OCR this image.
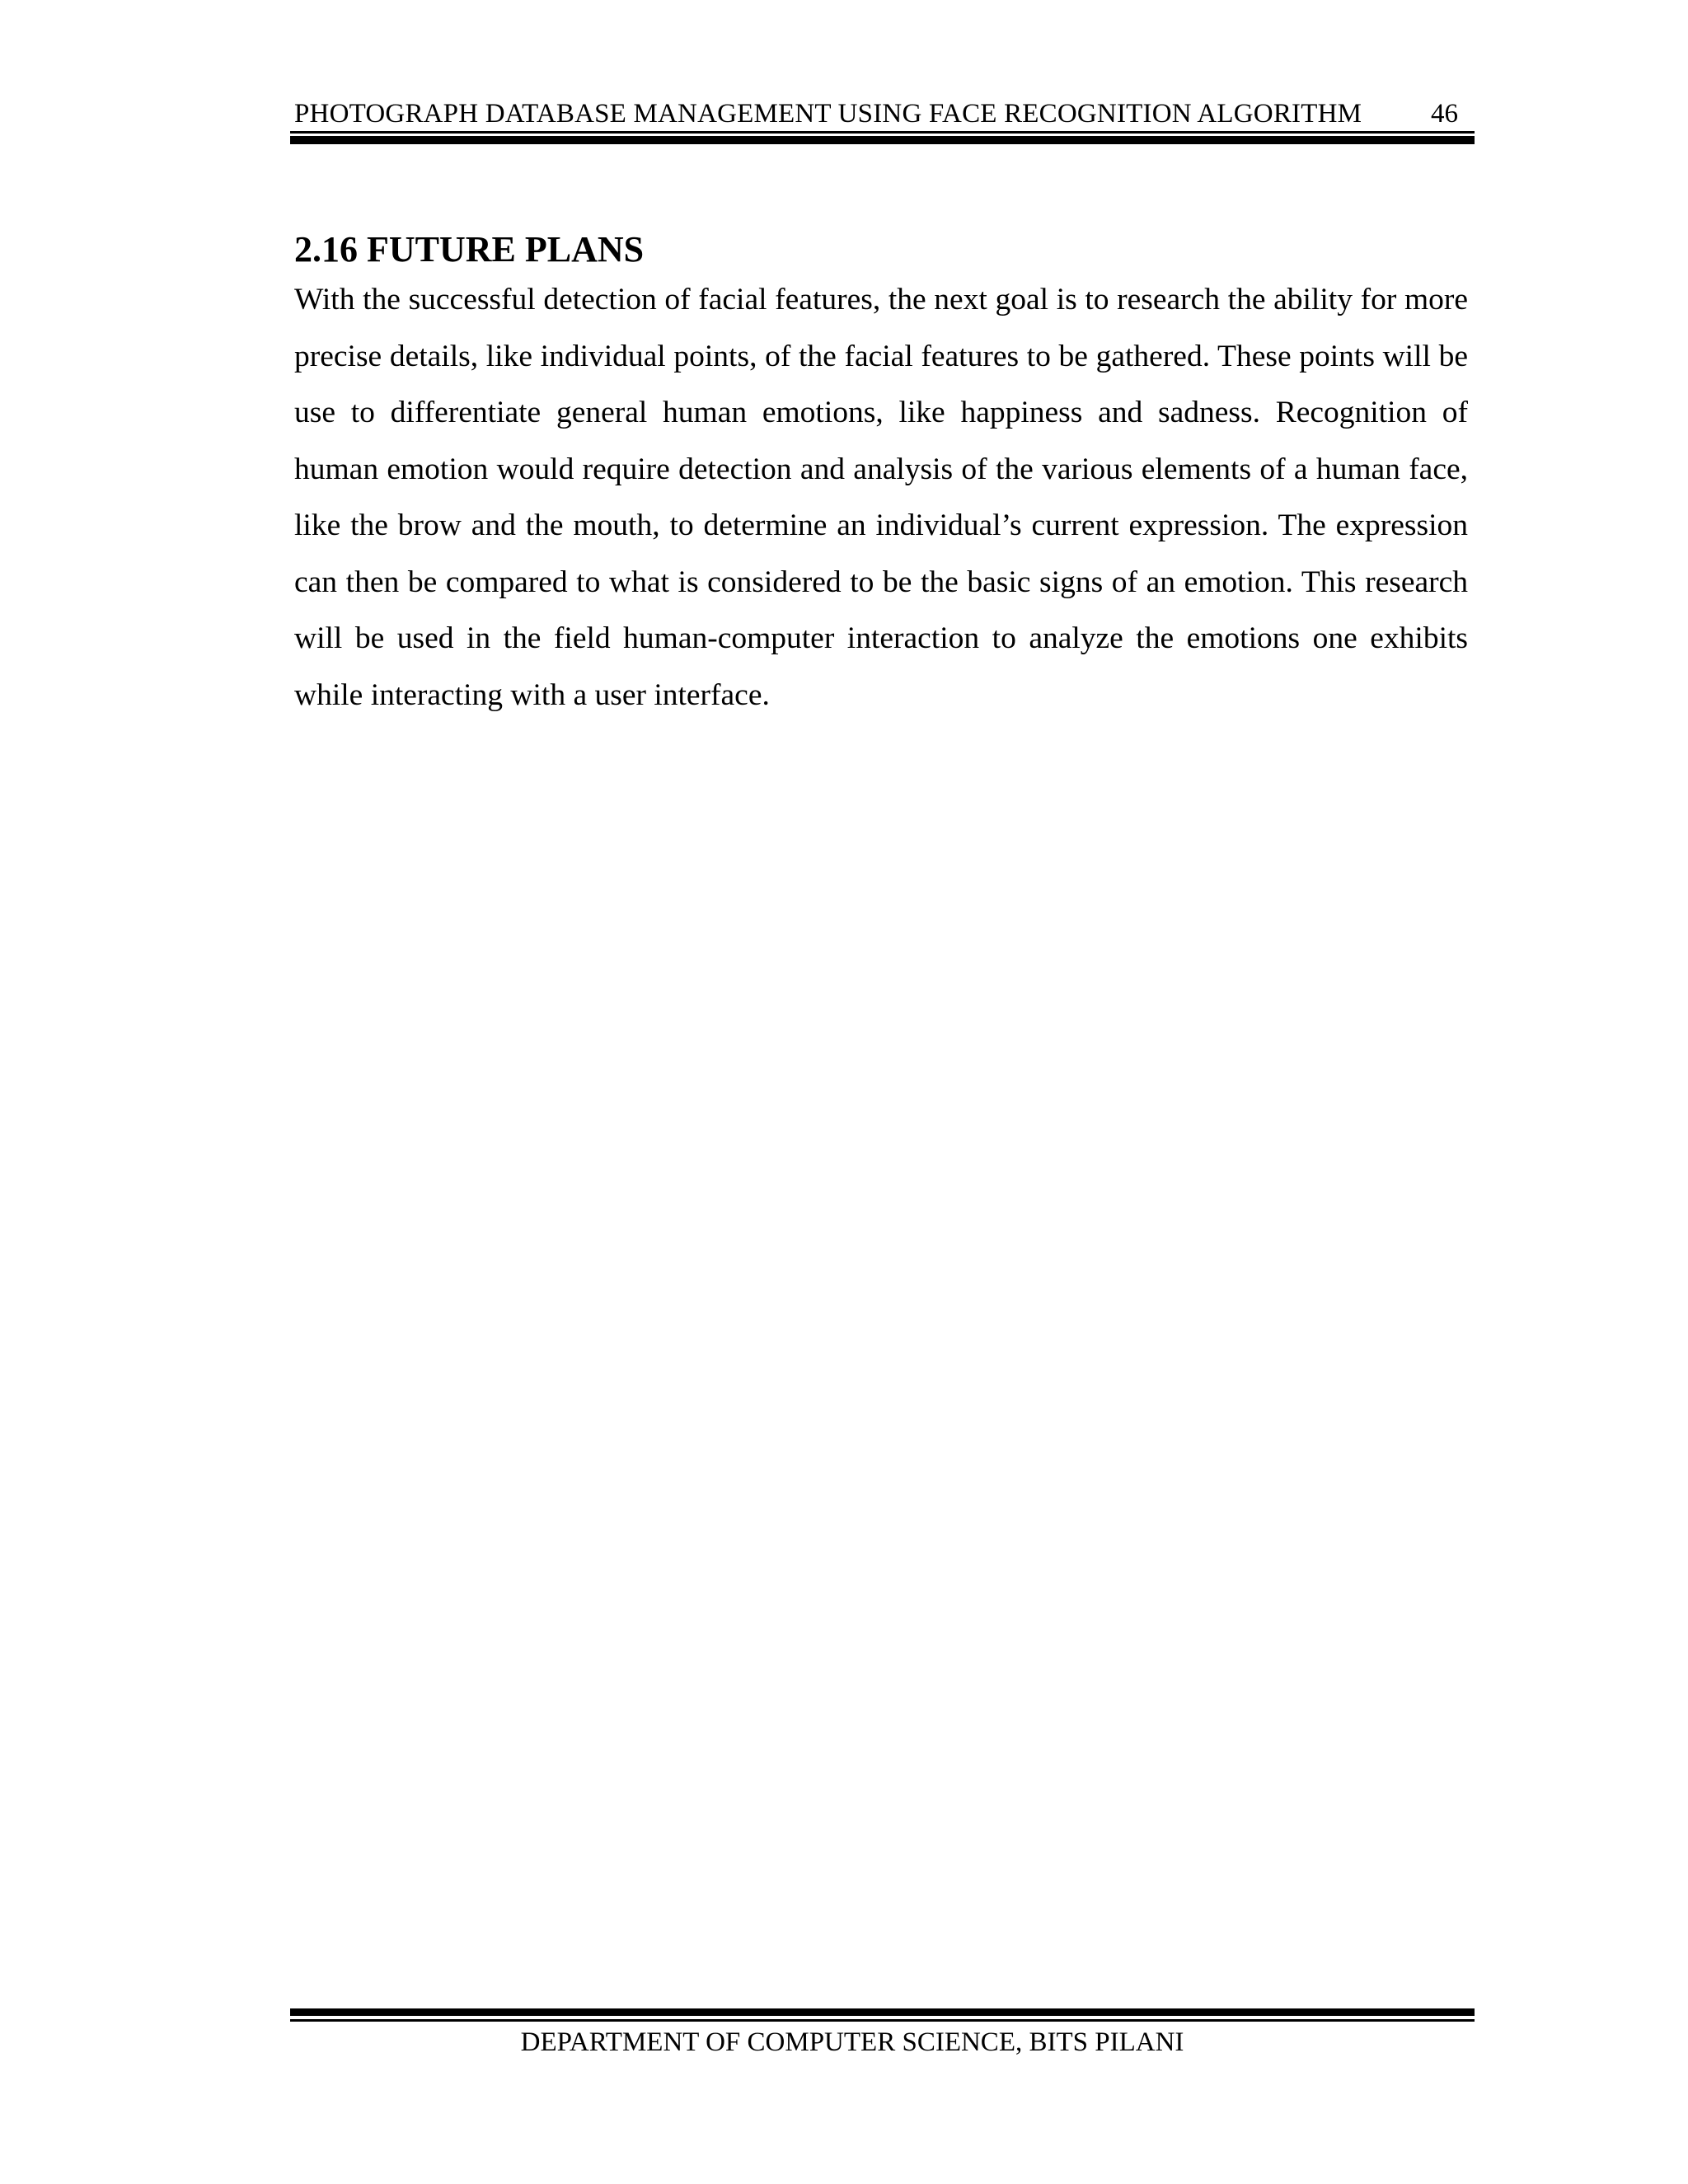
PHOTOGRAPH DATABASE MANAGEMENT USING FACE RECOGNITION ALGORITHM	46
2.16 FUTURE PLANS

With the successful detection of facial features, the next goal is to research the ability for more precise details, like individual points, of the facial features to be gathered. These points will be use to differentiate general human emotions, like happiness and sadness. Recognition of human emotion would require detection and analysis of the various elements of a human face, like the brow and the mouth, to determine an individual’s current expression. The expression can then be compared to what is considered to be the basic signs of an emotion. This research will be used in the field human-computer interaction to analyze the emotions one exhibits while interacting with a user interface.

DEPARTMENT OF COMPUTER SCIENCE, BITS PILANI
